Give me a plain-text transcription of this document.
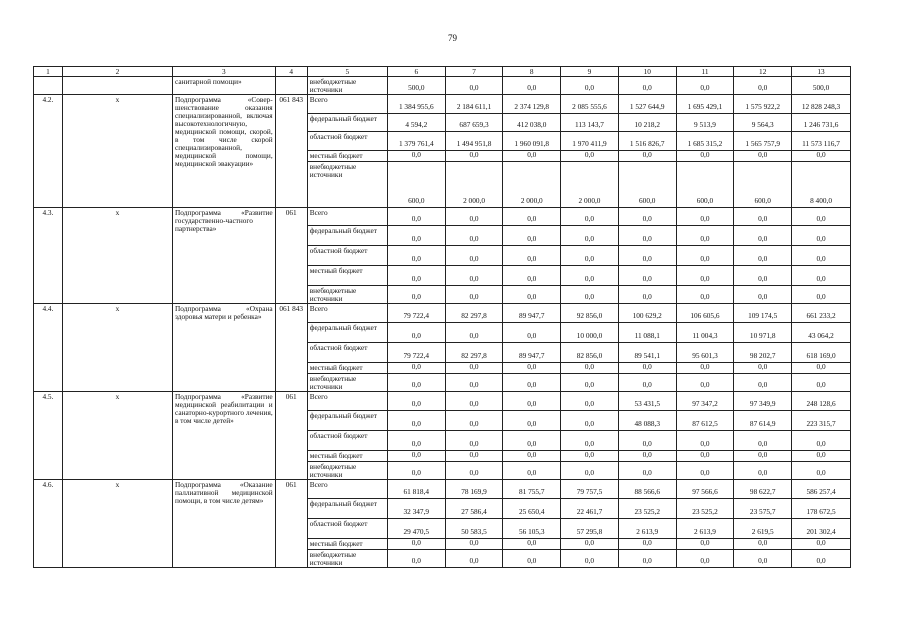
79
1	2	3	4	5	6	7	8	9	10	11	12	13
		санитарной помощи»		внебюджетные источники	500,0	0,0	0,0	0,0	0,0	0,0	0,0	500,0
4.2.	x	Подпрограмма «Совершенствование оказания специализированной, включая высокотехнологичную, медицинской помощи, скорой, в том числе скорой специализированной, медицинской помощи, медицинской эвакуации»	061 843	Всего	1 384 955,6	2 184 611,1	2 374 129,8	2 085 555,6	1 527 644,9	1 695 429,1	1 575 922,2	12 828 248,3
				федеральный бюджет	4 594,2	687 659,3	412 038,0	113 143,7	10 218,2	9 513,9	9 564,3	1 246 731,6
				областной бюджет	1 379 761,4	1 494 951,8	1 960 091,8	1 970 411,9	1 516 826,7	1 685 315,2	1 565 757,9	11 573 116,7
				местный бюджет	0,0	0,0	0,0	0,0	0,0	0,0	0,0	0,0
				внебюджетные источники	600,0	2 000,0	2 000,0	2 000,0	600,0	600,0	600,0	8 400,0
4.3.	x	Подпрограмма «Развитие государственно-частного партнерства»	061	Всего	0,0	0,0	0,0	0,0	0,0	0,0	0,0	0,0
				федеральный бюджет	0,0	0,0	0,0	0,0	0,0	0,0	0,0	0,0
				областной бюджет	0,0	0,0	0,0	0,0	0,0	0,0	0,0	0,0
				местный бюджет	0,0	0,0	0,0	0,0	0,0	0,0	0,0	0,0
				внебюджетные источники	0,0	0,0	0,0	0,0	0,0	0,0	0,0	0,0
4.4.	x	Подпрограмма «Охрана здоровья матери и ребенка»	061 843	Всего	79 722,4	82 297,8	89 947,7	92 856,0	100 629,2	106 605,6	109 174,5	661 233,2
				федеральный бюджет	0,0	0,0	0,0	10 000,0	11 088,1	11 004,3	10 971,8	43 064,2
				областной бюджет	79 722,4	82 297,8	89 947,7	82 856,0	89 541,1	95 601,3	98 202,7	618 169,0
				местный бюджет	0,0	0,0	0,0	0,0	0,0	0,0	0,0	0,0
				внебюджетные источники	0,0	0,0	0,0	0,0	0,0	0,0	0,0	0,0
4.5.	x	Подпрограмма «Развитие медицинской реабилитации и санаторно-курортного лечения, в том числе детей»	061	Всего	0,0	0,0	0,0	0,0	53 431,5	97 347,2	97 349,9	248 128,6
				федеральный бюджет	0,0	0,0	0,0	0,0	48 088,3	87 612,5	87 614,9	223 315,7
				областной бюджет	0,0	0,0	0,0	0,0	0,0	0,0	0,0	0,0
				местный бюджет	0,0	0,0	0,0	0,0	0,0	0,0	0,0	0,0
				внебюджетные источники	0,0	0,0	0,0	0,0	0,0	0,0	0,0	0,0
4.6.	x	Подпрограмма «Оказание паллиативной медицинской помощи, в том числе детям»	061	Всего	61 818,4	78 169,9	81 755,7	79 757,5	88 566,6	97 566,6	98 622,7	586 257,4
				федеральный бюджет	32 347,9	27 586,4	25 650,4	22 461,7	23 525,2	23 525,2	23 575,7	178 672,5
				областной бюджет	29 470,5	50 583,5	56 105,3	57 295,8	2 613,9	2 613,9	2 619,5	201 302,4
				местный бюджет	0,0	0,0	0,0	0,0	0,0	0,0	0,0	0,0
				внебюджетные источники	0,0	0,0	0,0	0,0	0,0	0,0	0,0	0,0
